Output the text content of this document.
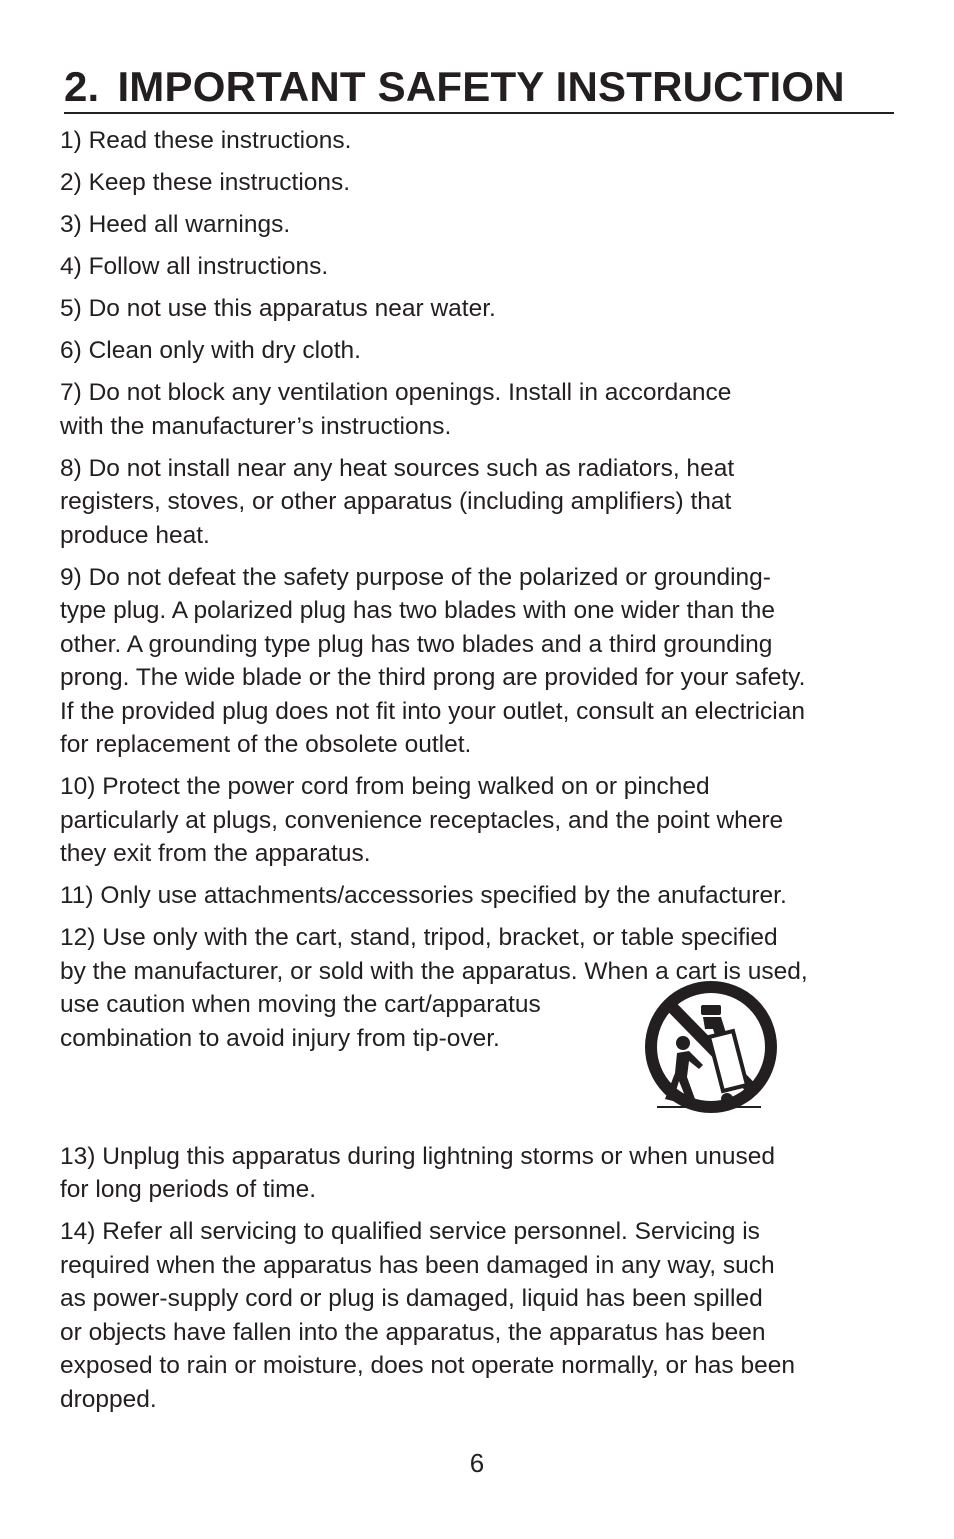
2. IMPORTANT SAFETY INSTRUCTION

1) Read these instructions.

2) Keep these instructions.

3) Heed all warnings.

4) Follow all instructions.

5) Do not use this apparatus near water.

6) Clean only with dry cloth.

7) Do not block any ventilation openings. Install in accordance

with the manufacturer’s instructions.

8) Do not install near any heat sources such as radiators, heat

registers, stoves, or other apparatus (including amplifiers) that

produce heat.

9) Do not defeat the safety purpose of the polarized or grounding-

type plug. A polarized plug has two blades with one wider than the

other. A grounding type plug has two blades and a third grounding

prong. The wide blade or the third prong are provided for your safety.

If the provided plug does not fit into your outlet, consult an electrician

for replacement of the obsolete outlet.

10) Protect the power cord from being walked on or pinched

particularly at plugs, convenience receptacles, and the point where

they exit from the apparatus.

11) Only use attachments/accessories specified by the anufacturer.

12) Use only with the cart, stand, tripod, bracket, or table specified

by the manufacturer, or sold with the apparatus. When a cart is used,

use caution when moving the cart/apparatus

combination to avoid injury from tip-over.

13) Unplug this apparatus during lightning storms or when unused

for long periods of time.

14) Refer all servicing to qualified service personnel. Servicing is

required when the apparatus has been damaged in any way, such

as power-supply cord or plug is damaged, liquid has been spilled

or objects have fallen into the apparatus, the apparatus has been

exposed to rain or moisture, does not operate normally, or has been

dropped.

6
